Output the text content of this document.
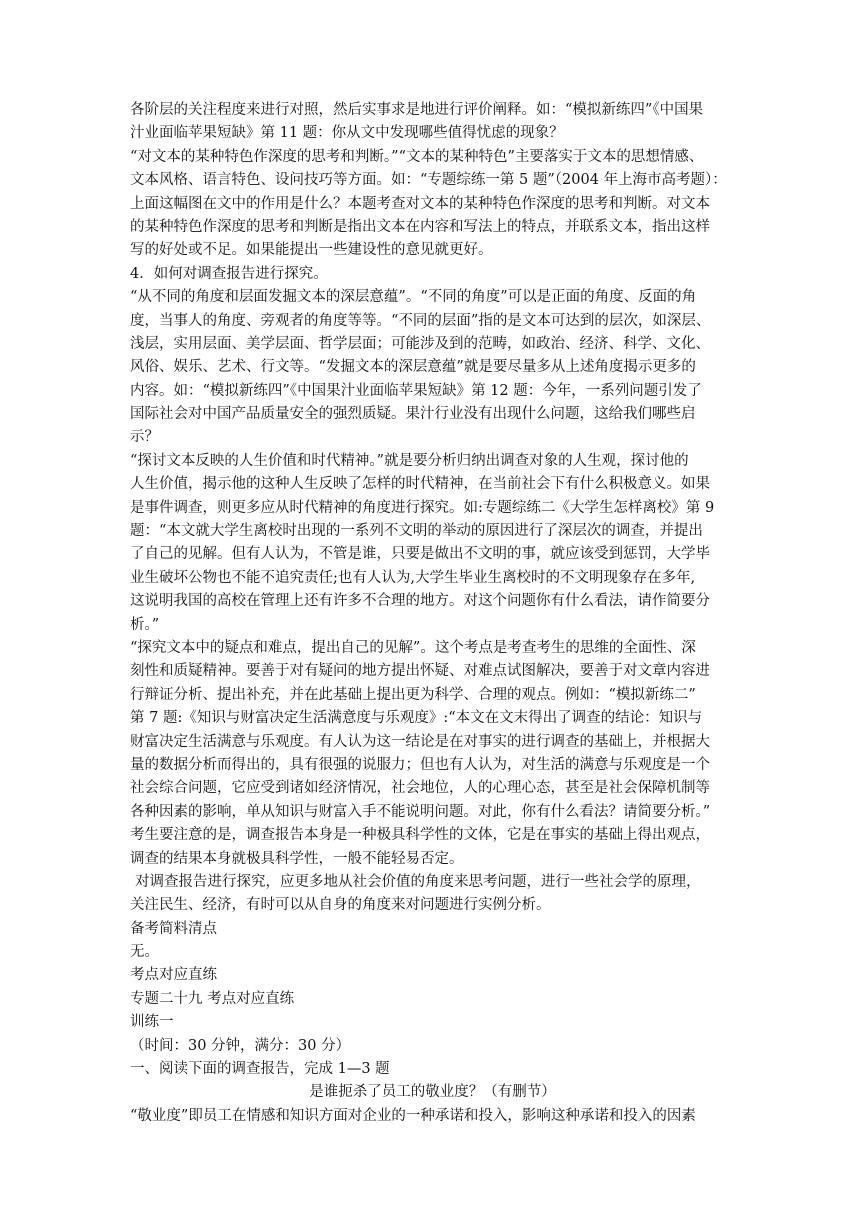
各阶层的关注程度来进行对照，然后实事求是地进行评价阐释。如：“模拟新练四”《中国果
汁业面临苹果短缺》第 11 题：你从文中发现哪些值得忧虑的现象？
“对文本的某种特色作深度的思考和判断。”“文本的某种特色”主要落实于文本的思想情感、
文本风格、语言特色、设问技巧等方面。如：“专题综练一第 5 题”（2004 年上海市高考题）：
上面这幅图在文中的作用是什么？本题考查对文本的某种特色作深度的思考和判断。对文本
的某种特色作深度的思考和判断是指出文本在内容和写法上的特点，并联系文本，指出这样
写的好处或不足。如果能提出一些建设性的意见就更好。
4．如何对调查报告进行探究。
“从不同的角度和层面发掘文本的深层意蕴”。“不同的角度”可以是正面的角度、反面的角
度，当事人的角度、旁观者的角度等等。“不同的层面”指的是文本可达到的层次，如深层、
浅层，实用层面、美学层面、哲学层面；可能涉及到的范畴，如政治、经济、科学、文化、
风俗、娱乐、艺术、行文等。“发掘文本的深层意蕴”就是要尽量多从上述角度揭示更多的
内容。如：“模拟新练四”《中国果汁业面临苹果短缺》第 12 题：今年，一系列问题引发了
国际社会对中国产品质量安全的强烈质疑。果汁行业没有出现什么问题，这给我们哪些启
示？
“探讨文本反映的人生价值和时代精神。”就是要分析归纳出调查对象的人生观，探讨他的
人生价值，揭示他的这种人生反映了怎样的时代精神，在当前社会下有什么积极意义。如果
是事件调查，则更多应从时代精神的角度进行探究。如:专题综练二《大学生怎样离校》第 9
题：“本文就大学生离校时出现的一系列不文明的举动的原因进行了深层次的调查，并提出
了自己的见解。但有人认为，不管是谁，只要是做出不文明的事，就应该受到惩罚，大学毕
业生破坏公物也不能不追究责任;也有人认为,大学生毕业生离校时的不文明现象存在多年,
这说明我国的高校在管理上还有许多不合理的地方。对这个问题你有什么看法，请作简要分
析。”
“探究文本中的疑点和难点，提出自己的见解”。这个考点是考查考生的思维的全面性、深
刻性和质疑精神。要善于对有疑问的地方提出怀疑、对难点试图解决，要善于对文章内容进
行辩证分析、提出补充，并在此基础上提出更为科学、合理的观点。例如：“模拟新练二”
第 7 题:《知识与财富决定生活满意度与乐观度》:“本文在文末得出了调查的结论：知识与
财富决定生活满意与乐观度。有人认为这一结论是在对事实的进行调查的基础上，并根据大
量的数据分析而得出的，具有很强的说服力；但也有人认为，对生活的满意与乐观度是一个
社会综合问题，它应受到诸如经济情况，社会地位，人的心理心态，甚至是社会保障机制等
各种因素的影响，单从知识与财富入手不能说明问题。对此，你有什么看法？请简要分析。”
考生要注意的是，调查报告本身是一种极具科学性的文体，它是在事实的基础上得出观点，
调查的结果本身就极具科学性，一般不能轻易否定。
对调查报告进行探究，应更多地从社会价值的角度来思考问题，进行一些社会学的原理，
关注民生、经济，有时可以从自身的角度来对问题进行实例分析。
备考简料清点
无。
考点对应直练
专题二十九 考点对应直练
训练一
（时间：30 分钟，满分：30 分）
一、阅读下面的调查报告，完成 1—3 题
是谁扼杀了员工的敬业度？（有删节）
“敬业度”即员工在情感和知识方面对企业的一种承诺和投入，影响这种承诺和投入的因素
